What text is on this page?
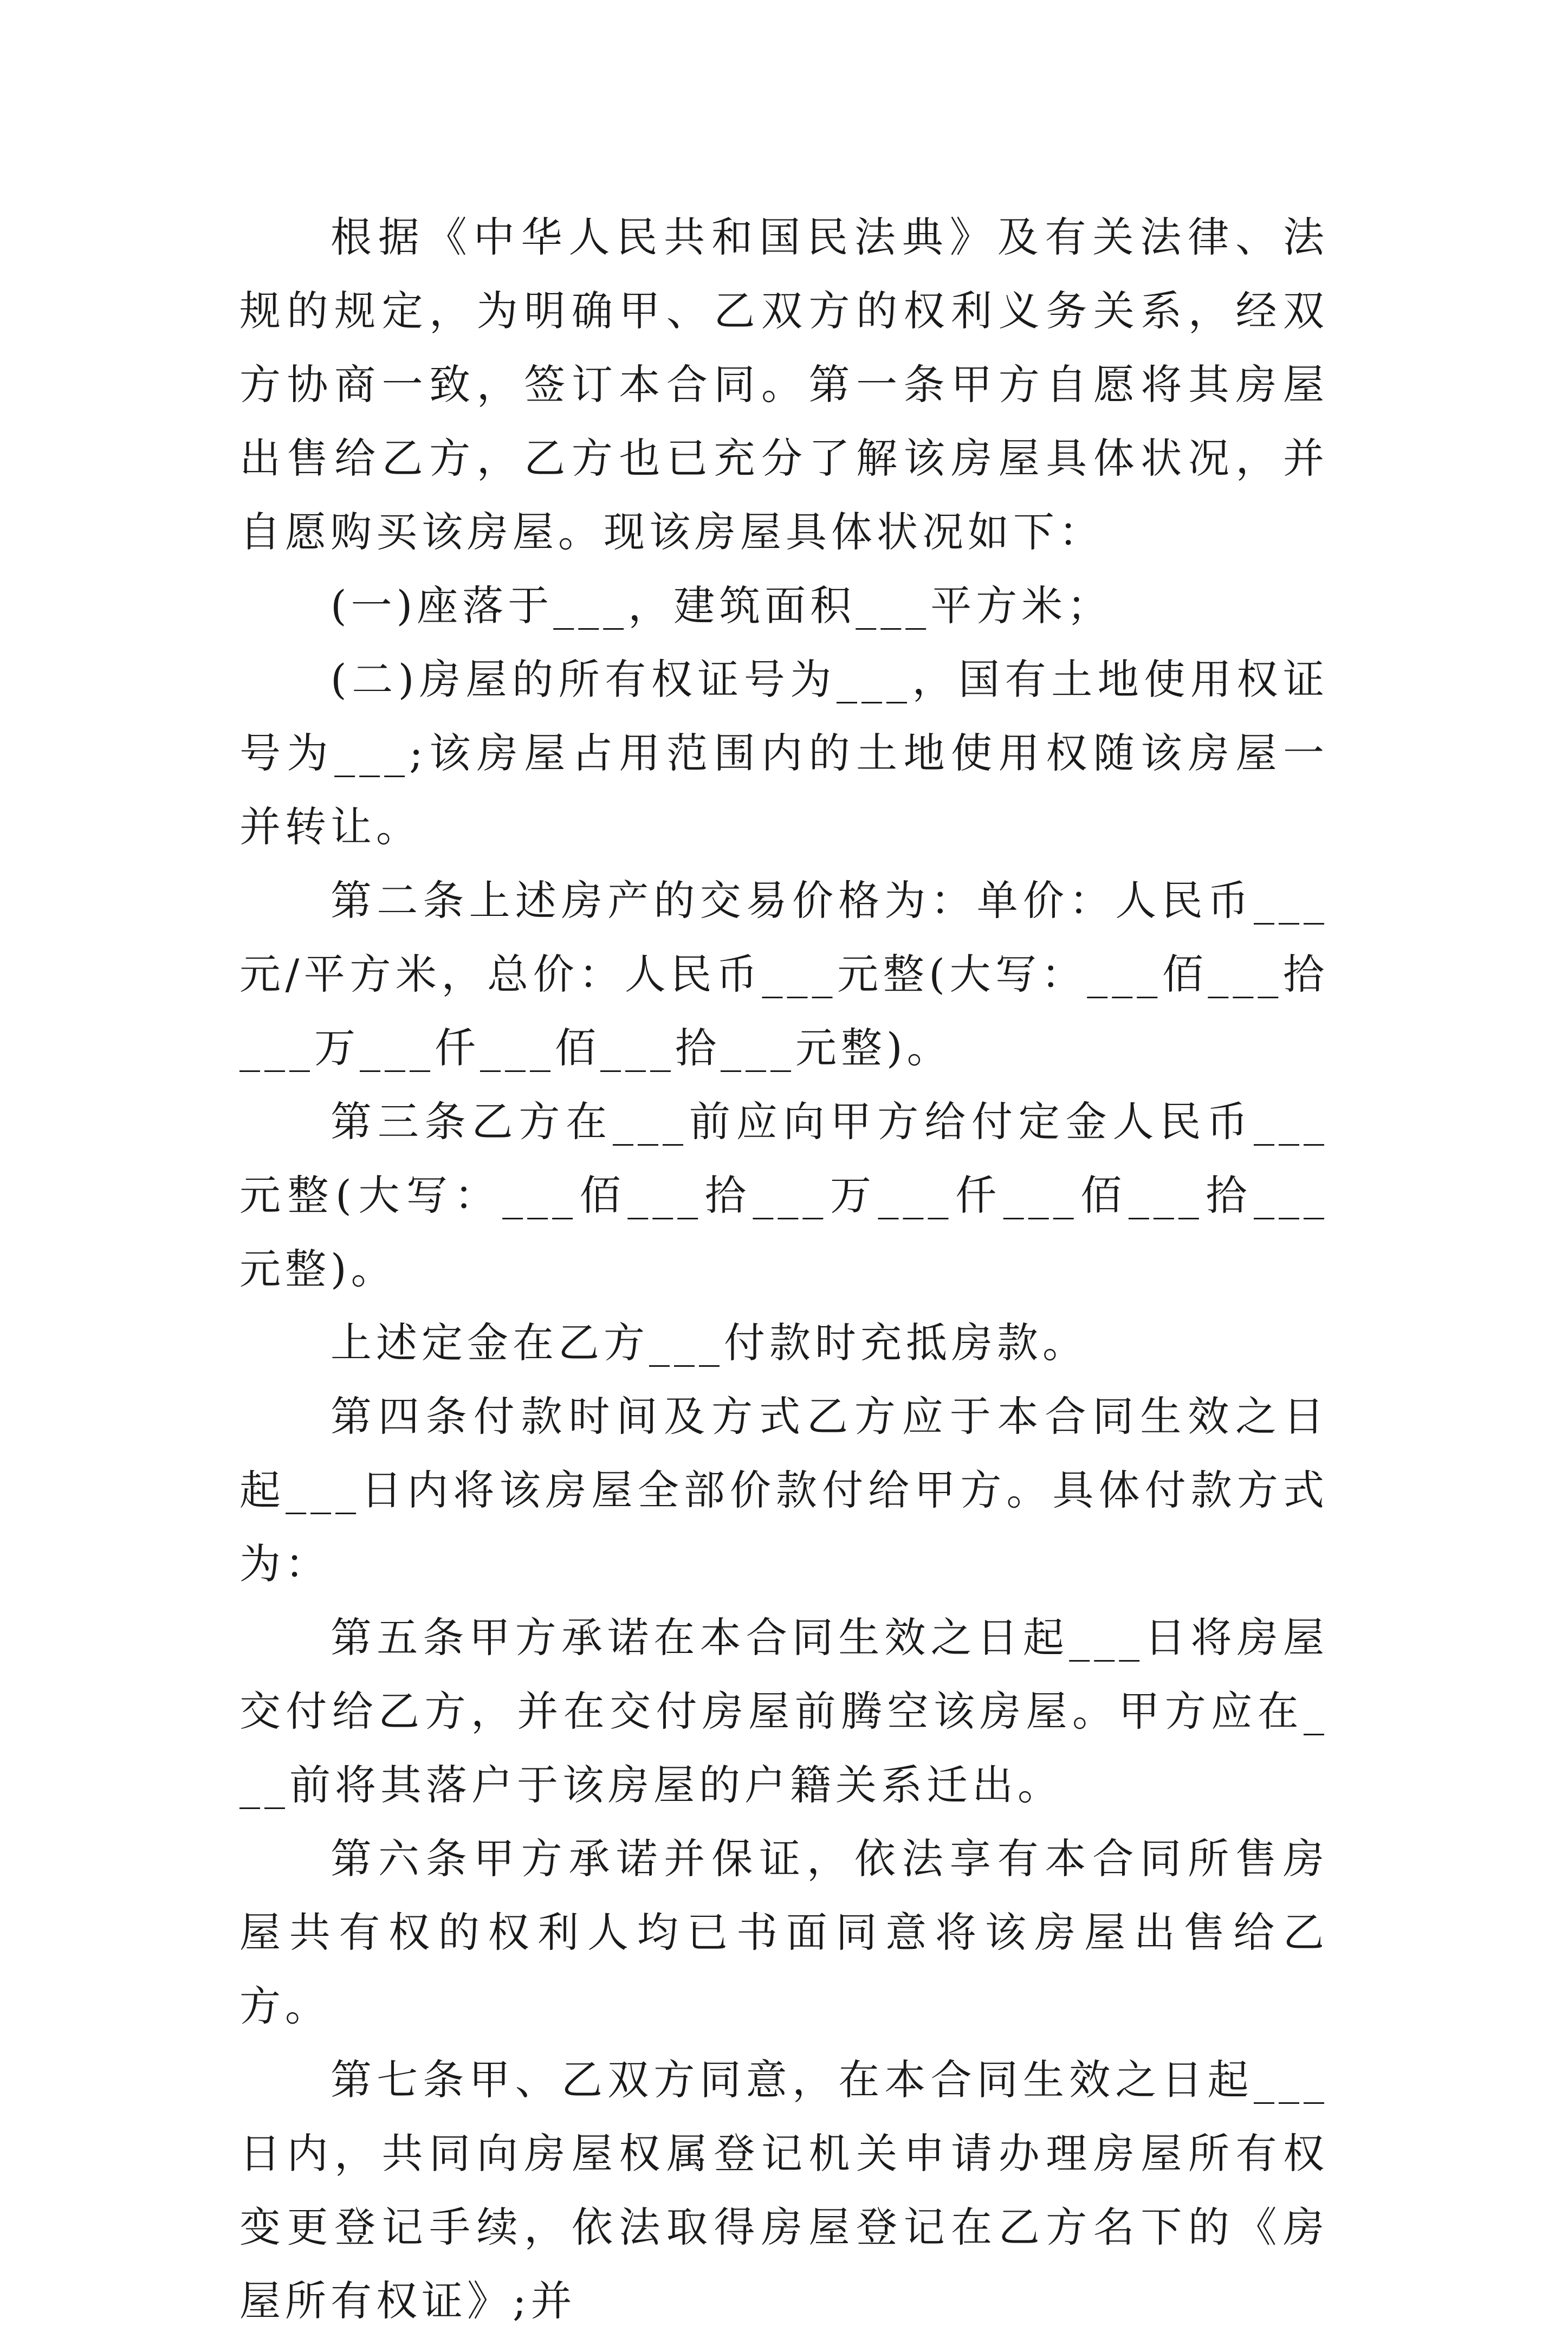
根据《中华人民共和国民法典》及有关法律、法规的规定，为明确甲、乙双方的权利义务关系，经双方协商一致，签订本合同。第一条甲方自愿将其房屋出售给乙方，乙方也已充分了解该房屋具体状况，并自愿购买该房屋。现该房屋具体状况如下：

(一)座落于___，建筑面积___平方米；

(二)房屋的所有权证号为___，国有土地使用权证号为___;该房屋占用范围内的土地使用权随该房屋一并转让。

第二条上述房产的交易价格为：单价：人民币___元/平方米，总价：人民币___元整(大写：___佰___拾___万___仟___佰___拾___元整)。

第三条乙方在___前应向甲方给付定金人民币___元整(大写：___佰___拾___万___仟___佰___拾___元整)。

上述定金在乙方___付款时充抵房款。

第四条付款时间及方式乙方应于本合同生效之日起___日内将该房屋全部价款付给甲方。具体付款方式为：

第五条甲方承诺在本合同生效之日起___日将房屋交付给乙方，并在交付房屋前腾空该房屋。甲方应在___前将其落户于该房屋的户籍关系迁出。

第六条甲方承诺并保证，依法享有本合同所售房屋共有权的权利人均已书面同意将该房屋出售给乙方。

第七条甲、乙双方同意，在本合同生效之日起___日内，共同向房屋权属登记机关申请办理房屋所有权变更登记手续，依法取得房屋登记在乙方名下的《房屋所有权证》;并
